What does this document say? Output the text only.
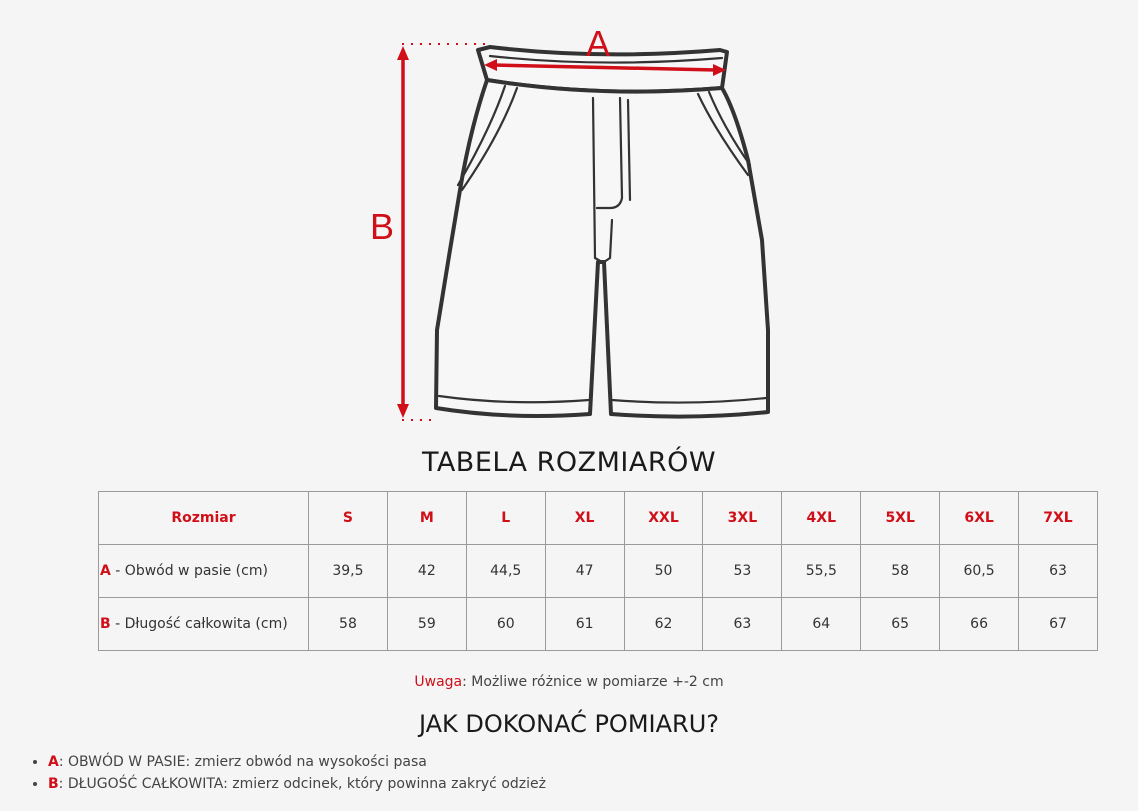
A
B
TABELA ROZMIARÓW
Rozmiar	S	M	L	XL	XXL	3XL	4XL	5XL	6XL	7XL
A - Obwód w pasie (cm)	39,5	42	44,5	47	50	53	55,5	58	60,5	63
B - Długość całkowita (cm)	58	59	60	61	62	63	64	65	66	67
Uwaga: Możliwe różnice w pomiarze +-2 cm
JAK DOKONAĆ POMIARU?
• A: OBWÓD W PASIE: zmierz obwód na wysokości pasa
• B: DŁUGOŚĆ CAŁKOWITA: zmierz odcinek, który powinna zakryć odzież
